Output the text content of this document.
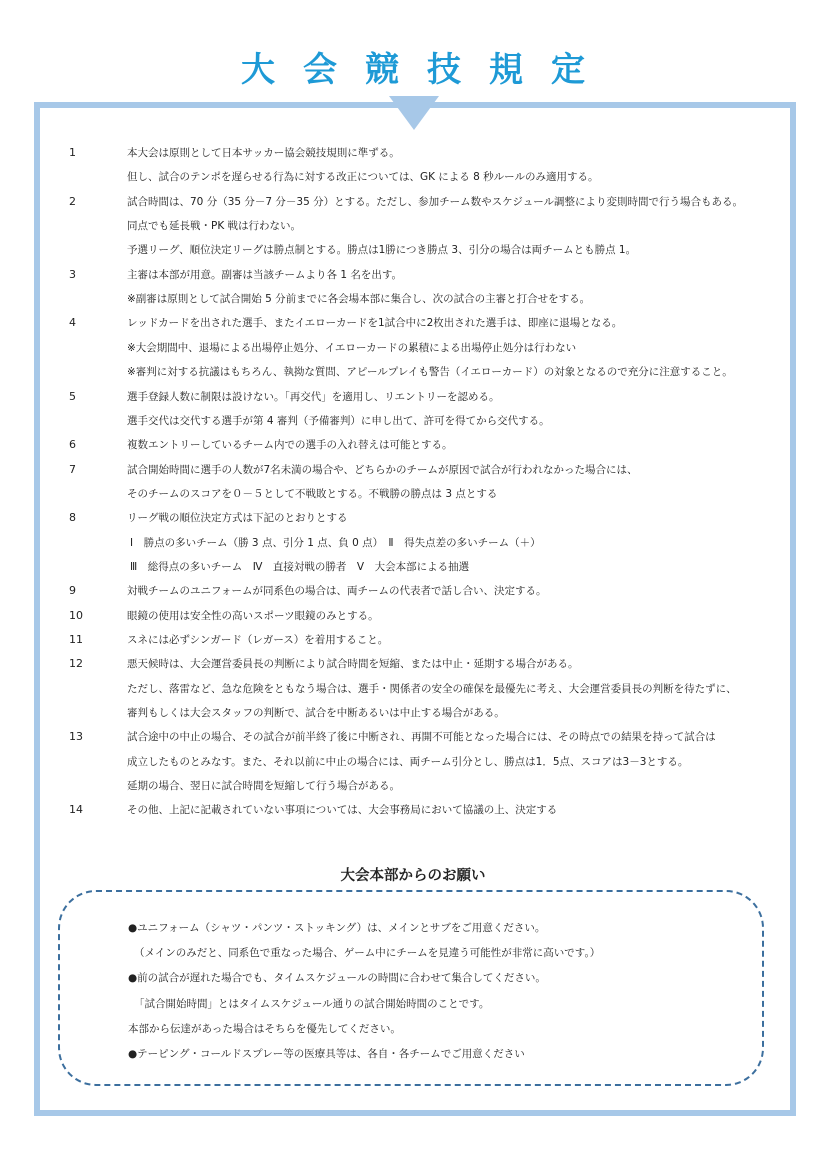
大会競技規定
1	本大会は原則として日本サッカー協会競技規則に準ずる。
但し、試合のテンポを遅らせる行為に対する改正については、GK による 8 秒ルールのみ適用する。
2	試合時間は、70 分（35 分－7 分－35 分）とする。ただし、参加チーム数やスケジュール調整により変則時間で行う場合もある。
同点でも延長戦・PK 戦は行わない。
予選リーグ、順位決定リーグは勝点制とする。勝点は1勝につき勝点 3、引分の場合は両チームとも勝点 1。
3	主審は本部が用意。副審は当該チームより各 1 名を出す。
※副審は原則として試合開始 5 分前までに各会場本部に集合し、次の試合の主審と打合せをする。
4	レッドカードを出された選手、またイエローカードを1試合中に2枚出された選手は、即座に退場となる。
※大会期間中、退場による出場停止処分、イエローカードの累積による出場停止処分は行わない
※審判に対する抗議はもちろん、執拗な質問、アピールプレイも警告（イエローカード）の対象となるので充分に注意すること。
5	選手登録人数に制限は設けない。「再交代」を適用し、リエントリーを認める。
選手交代は交代する選手が第 4 審判（予備審判）に申し出て、許可を得てから交代する。
6	複数エントリーしているチーム内での選手の入れ替えは可能とする。
7	試合開始時間に選手の人数が7名未満の場合や、どちらかのチームが原因で試合が行われなかった場合には、
そのチームのスコアを０－５として不戦敗とする。不戦勝の勝点は 3 点とする
8	リーグ戦の順位決定方式は下記のとおりとする
Ⅰ　勝点の多いチーム（勝 3 点、引分 1 点、負 0 点）　Ⅱ　得失点差の多いチーム（＋）
Ⅲ　総得点の多いチーム　Ⅳ　直接対戦の勝者　Ⅴ　大会本部による抽選
9	対戦チームのユニフォームが同系色の場合は、両チームの代表者で話し合い、決定する。
10	眼鏡の使用は安全性の高いスポーツ眼鏡のみとする。
11	スネには必ずシンガード（レガース）を着用すること。
12	悪天候時は、大会運営委員長の判断により試合時間を短縮、または中止・延期する場合がある。
ただし、落雷など、急な危険をともなう場合は、選手・関係者の安全の確保を最優先に考え、大会運営委員長の判断を待たずに、
審判もしくは大会スタッフの判断で、試合を中断あるいは中止する場合がある。
13	試合途中の中止の場合、その試合が前半終了後に中断され、再開不可能となった場合には、その時点での結果を持って試合は
成立したものとみなす。また、それ以前に中止の場合には、両チーム引分とし、勝点は1．5点、スコアは3－3とする。
延期の場合、翌日に試合時間を短縮して行う場合がある。
14	その他、上記に記載されていない事項については、大会事務局において協議の上、決定する
大会本部からのお願い
●ユニフォーム（シャツ・パンツ・ストッキング）は、メインとサブをご用意ください。
（メインのみだと、同系色で重なった場合、ゲーム中にチームを見違う可能性が非常に高いです。）
●前の試合が遅れた場合でも、タイムスケジュールの時間に合わせて集合してください。
「試合開始時間」とはタイムスケジュール通りの試合開始時間のことです。
本部から伝達があった場合はそちらを優先してください。
●テーピング・コールドスプレー等の医療具等は、各自・各チームでご用意ください
